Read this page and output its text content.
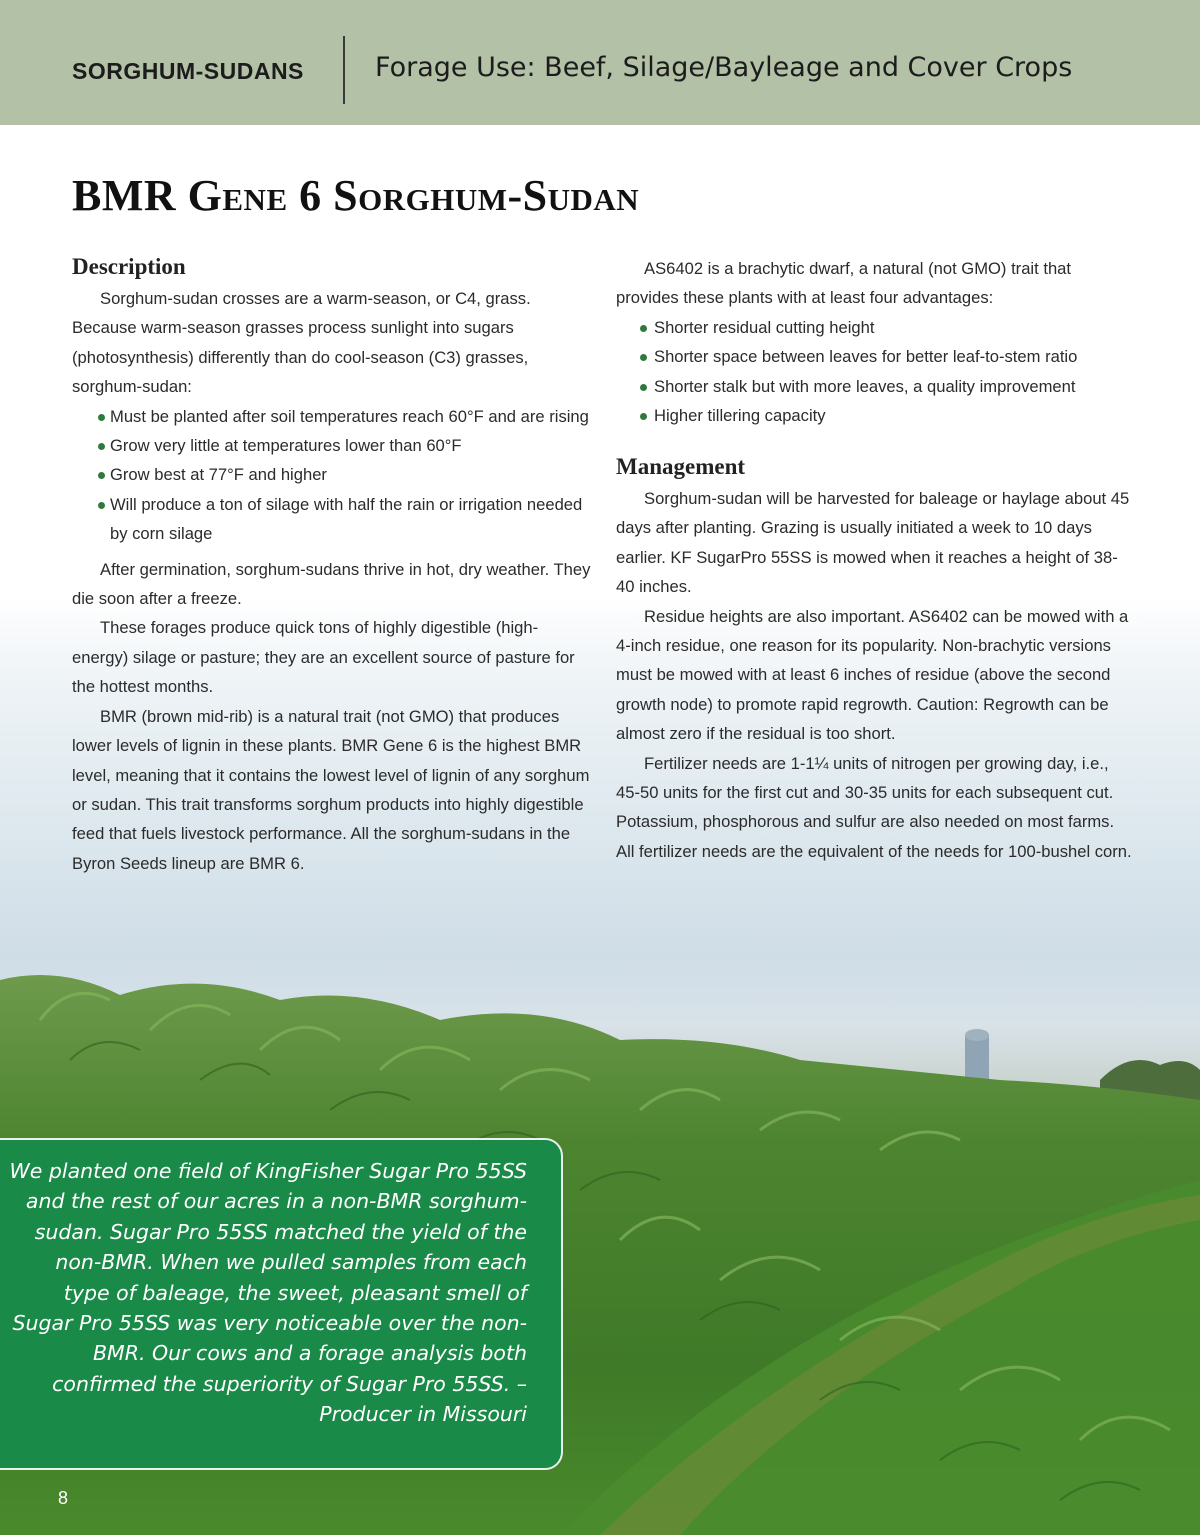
SORGHUM-SUDANS	Forage Use: Beef, Silage/Bayleage and Cover Crops
BMR Gene 6 Sorghum-Sudan
Description

Sorghum-sudan crosses are a warm-season, or C4, grass. Because warm-season grasses process sunlight into sugars (photosynthesis) differently than do cool-season (C3) grasses, sorghum-sudan:

Must be planted after soil temperatures reach 60°F and are rising
Grow very little at temperatures lower than 60°F
Grow best at 77°F and higher
Will produce a ton of silage with half the rain or irrigation needed by corn silage

After germination, sorghum-sudans thrive in hot, dry weather. They die soon after a freeze.

These forages produce quick tons of highly digestible (high-energy) silage or pasture; they are an excellent source of pasture for the hottest months.

BMR (brown mid-rib) is a natural trait (not GMO) that produces lower levels of lignin in these plants. BMR Gene 6 is the highest BMR level, meaning that it contains the lowest level of lignin of any sorghum or sudan. This trait transforms sorghum products into highly digestible feed that fuels livestock performance. All the sorghum-sudans in the Byron Seeds lineup are BMR 6.

AS6402 is a brachytic dwarf, a natural (not GMO) trait that provides these plants with at least four advantages:

Shorter residual cutting height
Shorter space between leaves for better leaf-to-stem ratio
Shorter stalk but with more leaves, a quality improvement
Higher tillering capacity
Management

Sorghum-sudan will be harvested for baleage or haylage about 45 days after planting. Grazing is usually initiated a week to 10 days earlier. KF SugarPro 55SS is mowed when it reaches a height of 38-40 inches.

Residue heights are also important. AS6402 can be mowed with a 4-inch residue, one reason for its popularity. Non-brachytic versions must be mowed with at least 6 inches of residue (above the second growth node) to promote rapid regrowth. Caution: Regrowth can be almost zero if the residual is too short.

Fertilizer needs are 1-1¼ units of nitrogen per growing day, i.e., 45-50 units for the first cut and 30-35 units for each subsequent cut. Potassium, phosphorous and sulfur are also needed on most farms. All fertilizer needs are the equivalent of the needs for 100-bushel corn.

We planted one field of KingFisher Sugar Pro 55SS and the rest of our acres in a non-BMR sorghum-sudan. Sugar Pro 55SS matched the yield of the non-BMR. When we pulled samples from each type of baleage, the sweet, pleasant smell of Sugar Pro 55SS was very noticeable over the non-BMR. Our cows and a forage analysis both confirmed the superiority of Sugar Pro 55SS. –Producer in Missouri
8
